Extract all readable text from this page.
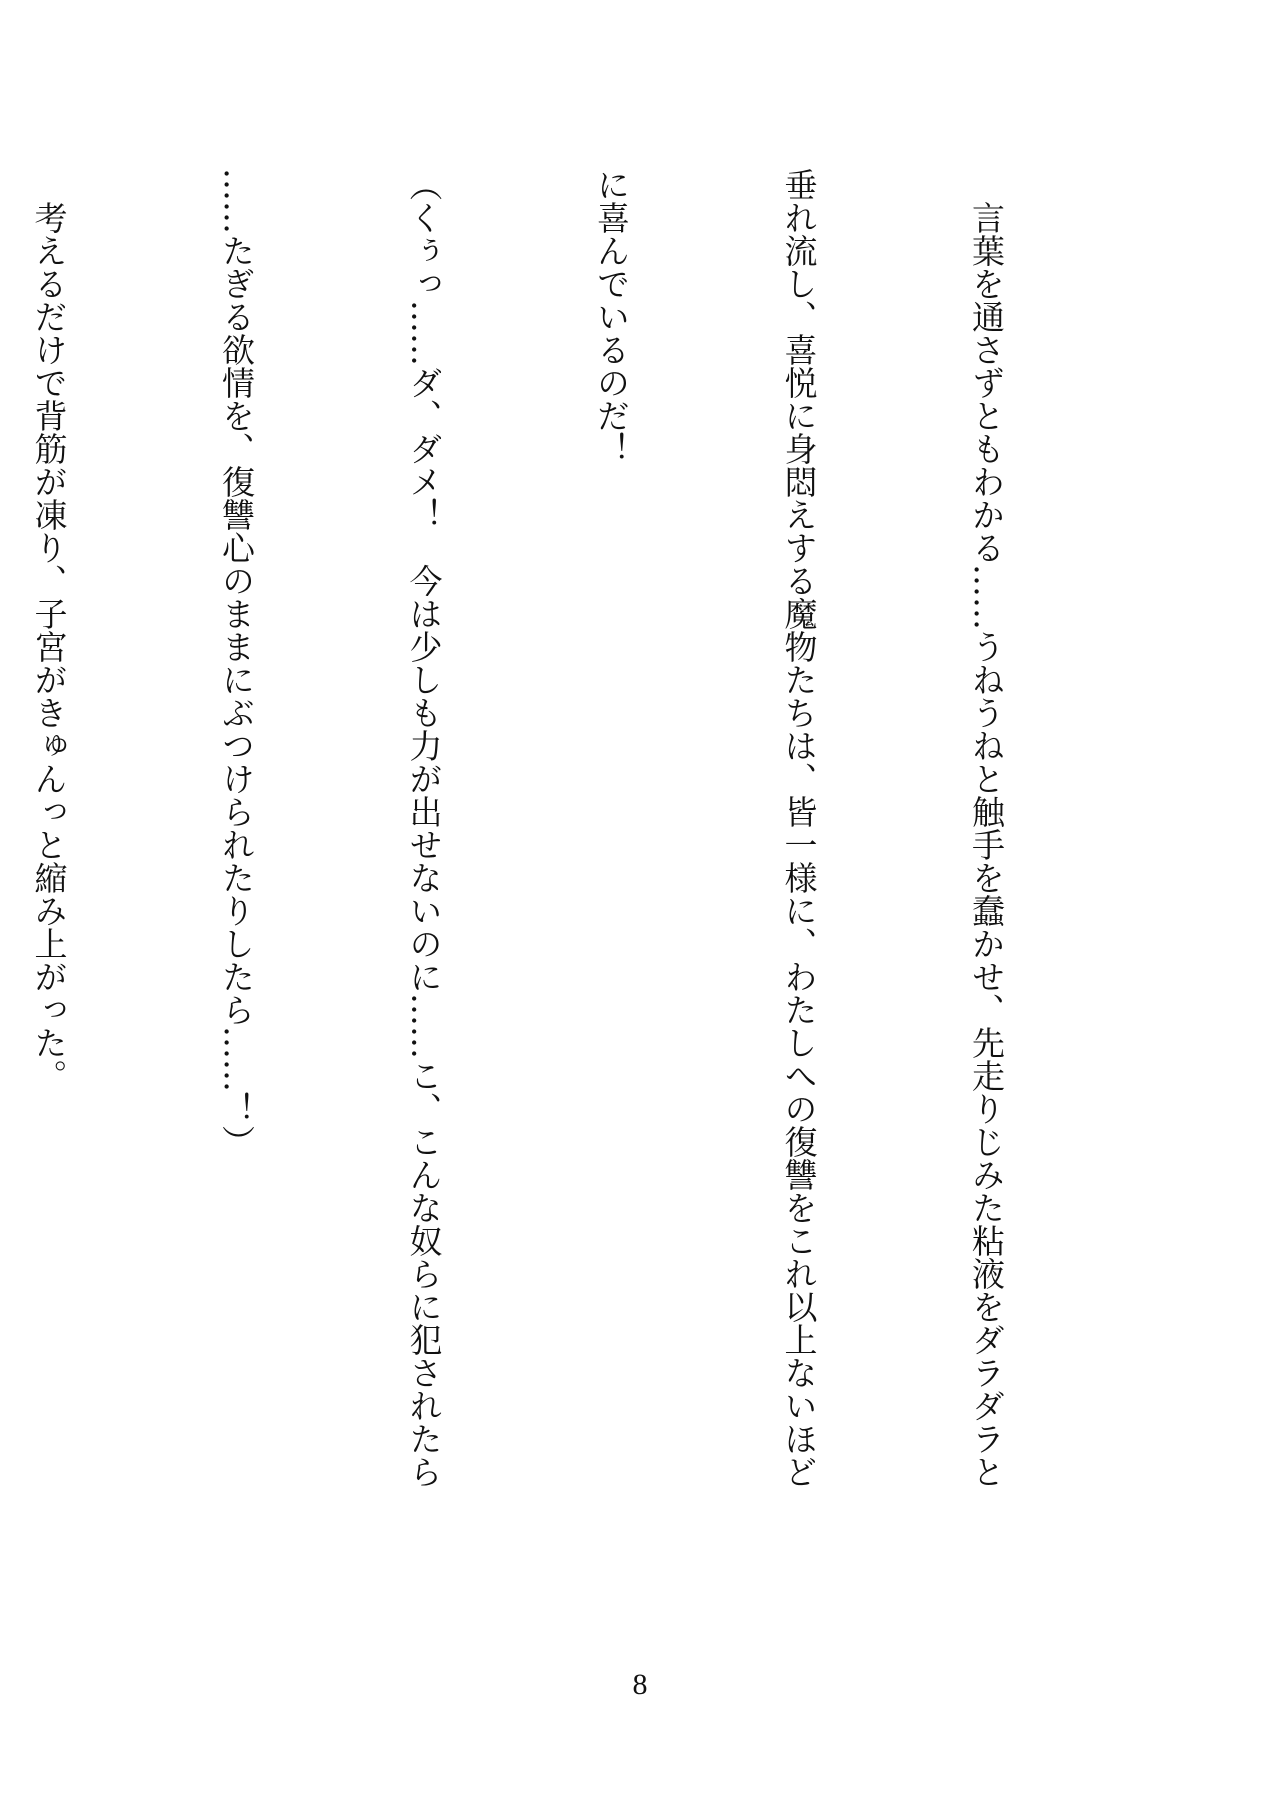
　言葉を通さずともわかる……うねうねと触手を蠢かせ、先走りじみた粘液をダラダラと

垂れ流し、喜悦に身悶えする魔物たちは、皆一様に、わたしへの復讐をこれ以上ないほど

に喜んでいるのだ！

（くぅっ……ダ、ダメ！　今は少しも力が出せないのに……こ、こんな奴らに犯されたら

……たぎる欲情を、復讐心のままにぶつけられたりしたら……！）

　考えるだけで背筋が凍り、子宮がきゅんっと縮み上がった。

8
